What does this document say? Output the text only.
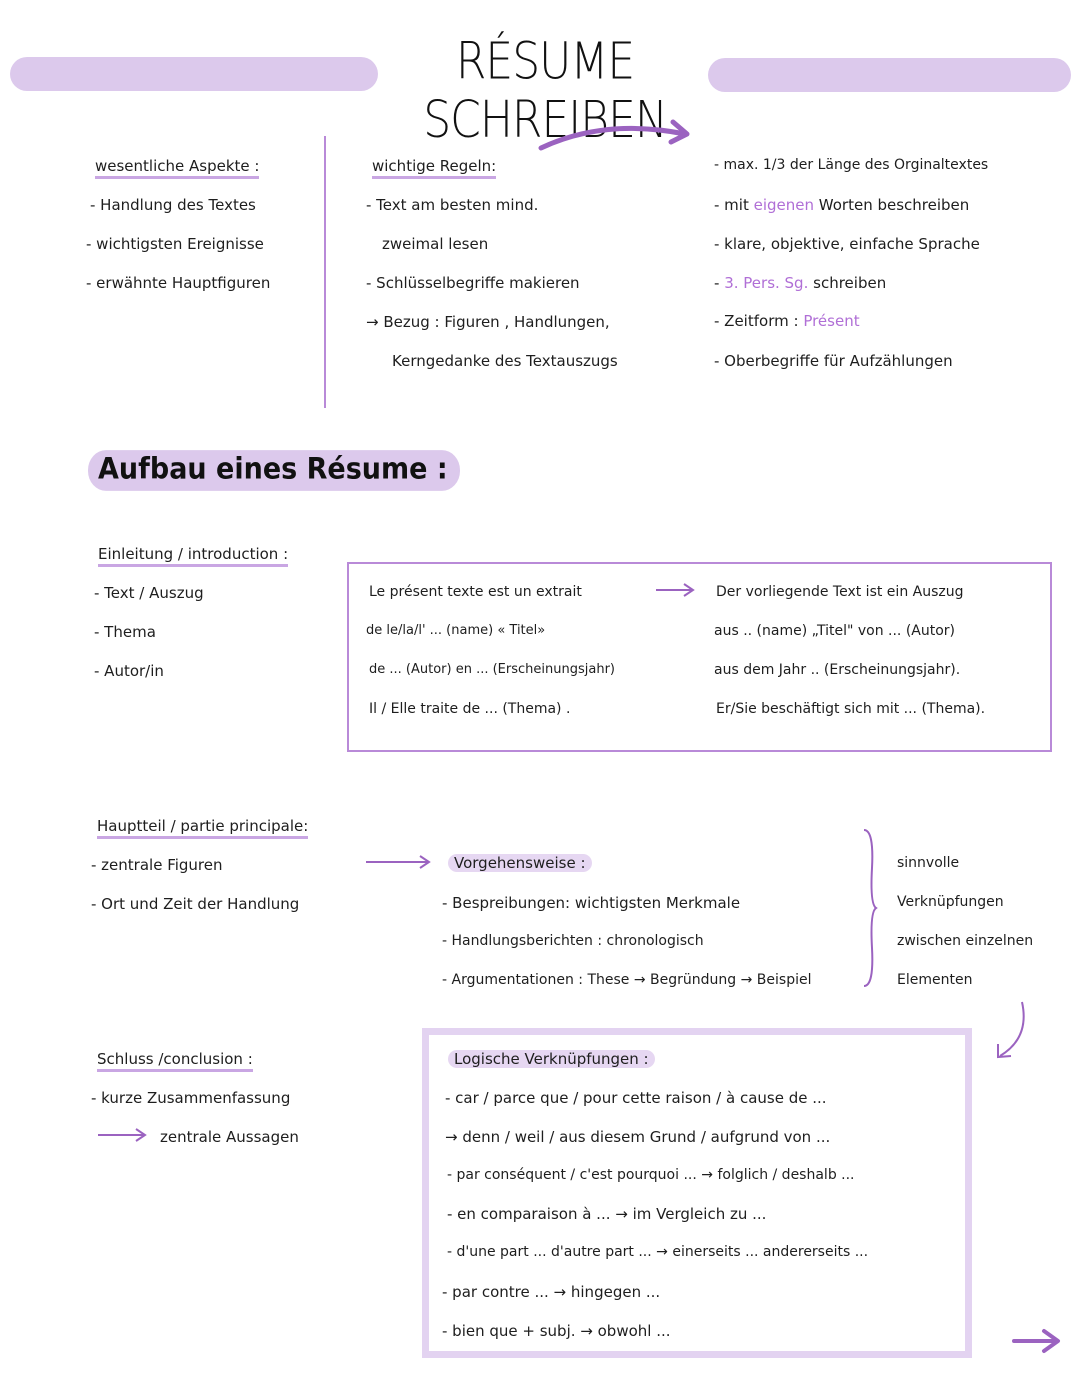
RÉSUME SCHREIBEN
wesentliche Aspekte :
- Handlung des Textes
- wichtigsten Ereignisse
- erwähnte Hauptfiguren
wichtige Regeln:
- Text am besten mind.
zweimal lesen
- Schlüsselbegriffe makieren
→ Bezug : Figuren , Handlungen,
Kerngedanke des Textauszugs
- max. 1/3 der Länge des Orginaltextes
- mit eigenen Worten beschreiben
- klare, objektive, einfache Sprache
- 3. Pers. Sg. schreiben
- Zeitform : Présent
- Oberbegriffe für Aufzählungen
Aufbau eines Résume :
Einleitung / introduction :
- Text / Auszug
- Thema
- Autor/in
Le présent texte est un extrait
de le/la/l' ... (name) « Titel»
de ... (Autor) en ... (Erscheinungsjahr)
Il / Elle traite de ... (Thema) .
Der vorliegende Text ist ein Auszug
aus .. (name) „Titel" von ... (Autor)
aus dem Jahr .. (Erscheinungsjahr).
Er/Sie beschäftigt sich mit ... (Thema).
Hauptteil / partie principale:
- zentrale Figuren
- Ort und Zeit der Handlung
Vorgehensweise :
- Bespreibungen: wichtigsten Merkmale
- Handlungsberichten : chronologisch
- Argumentationen : These → Begründung → Beispiel
sinnvolle
Verknüpfungen
zwischen einzelnen
Elementen
Schluss /conclusion :
- kurze Zusammenfassung
zentrale Aussagen
Logische Verknüpfungen :
- car / parce que / pour cette raison / à cause de ...
→ denn / weil / aus diesem Grund / aufgrund von ...
- par conséquent / c'est pourquoi ... → folglich / deshalb ...
- en comparaison à ... → im Vergleich zu ...
- d'une part ... d'autre part ... → einerseits ... andererseits ...
- par contre ... → hingegen ...
- bien que + subj. → obwohl ...
